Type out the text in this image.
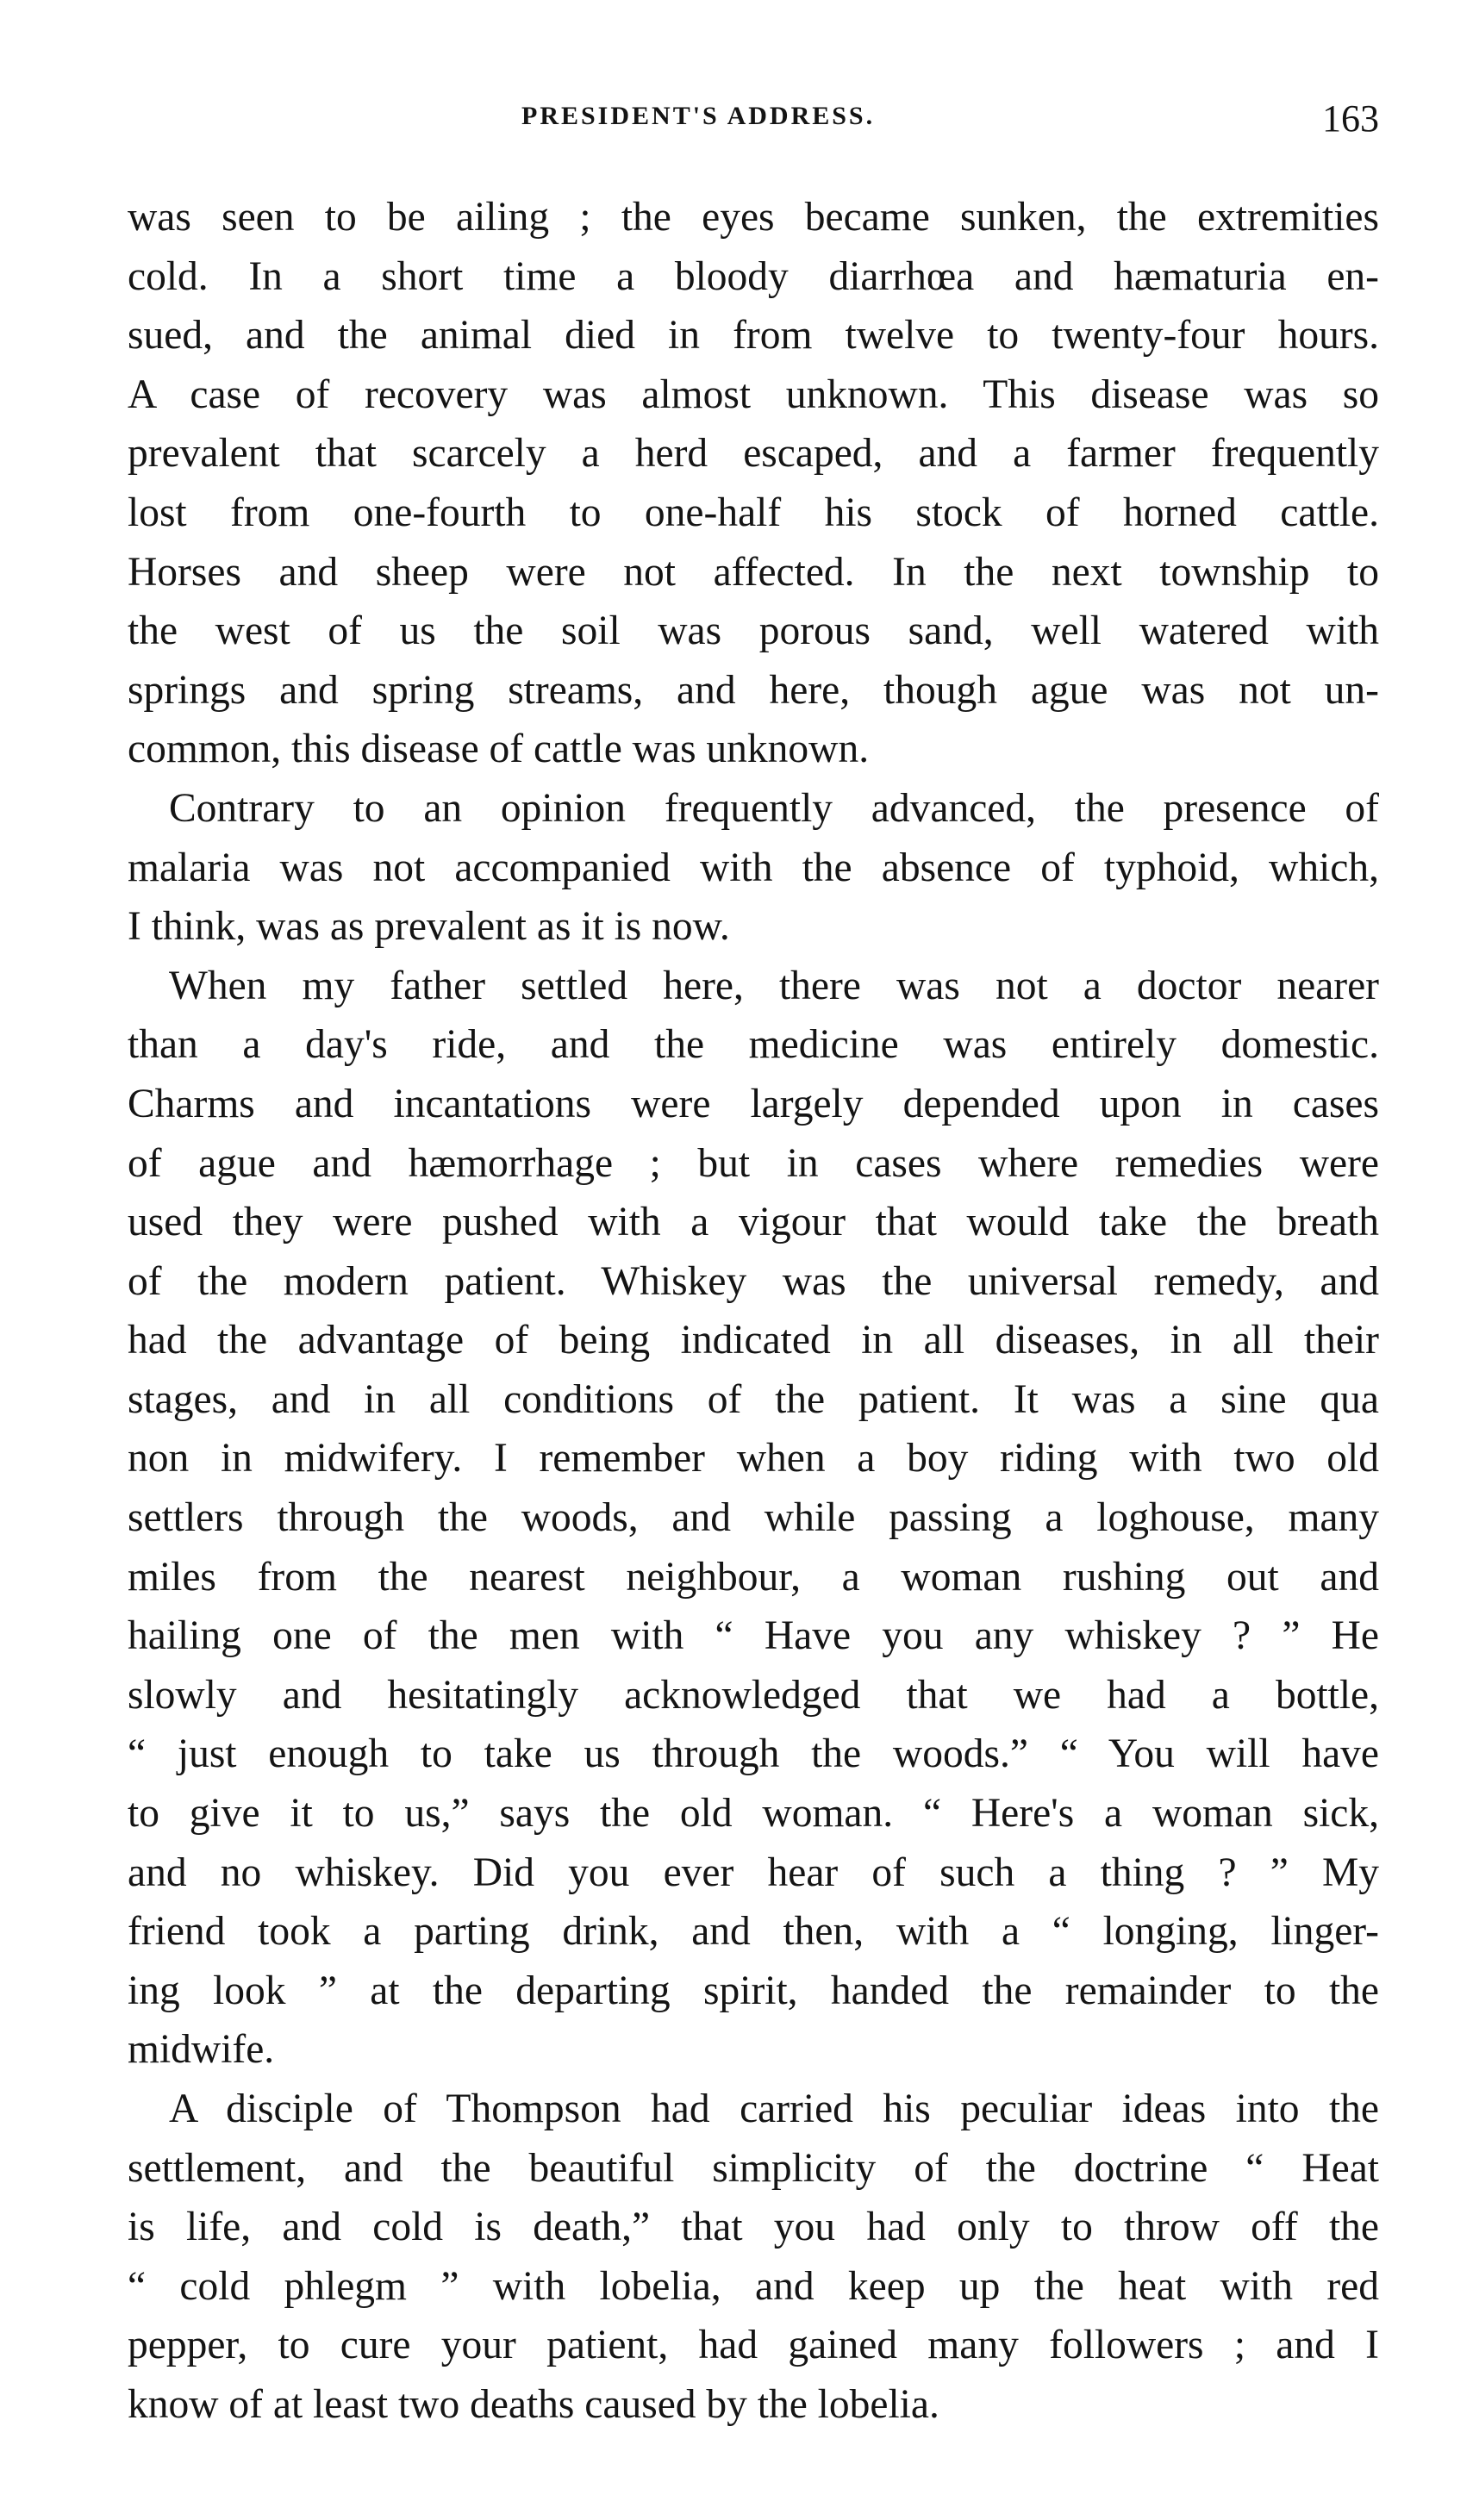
PRESIDENT'S ADDRESS.	163
was seen to be ailing ; the eyes became sunken, the extremities
cold. In a short time a bloody diarrhœa and hæmaturia en-
sued, and the animal died in from twelve to twenty-four hours.
A case of recovery was almost unknown. This disease was so
prevalent that scarcely a herd escaped, and a farmer frequently
lost from one-fourth to one-half his stock of horned cattle.
Horses and sheep were not affected. In the next township to
the west of us the soil was porous sand, well watered with
springs and spring streams, and here, though ague was not un-
common, this disease of cattle was unknown.
Contrary to an opinion frequently advanced, the presence of
malaria was not accompanied with the absence of typhoid, which,
I think, was as prevalent as it is now.
When my father settled here, there was not a doctor nearer
than a day's ride, and the medicine was entirely domestic.
Charms and incantations were largely depended upon in cases
of ague and hæmorrhage ; but in cases where remedies were
used they were pushed with a vigour that would take the breath
of the modern patient. Whiskey was the universal remedy, and
had the advantage of being indicated in all diseases, in all their
stages, and in all conditions of the patient. It was a sine qua
non in midwifery. I remember when a boy riding with two old
settlers through the woods, and while passing a loghouse, many
miles from the nearest neighbour, a woman rushing out and
hailing one of the men with “ Have you any whiskey ? ” He
slowly and hesitatingly acknowledged that we had a bottle,
“ just enough to take us through the woods.” “ You will have
to give it to us,” says the old woman. “ Here's a woman sick,
and no whiskey. Did you ever hear of such a thing ? ” My
friend took a parting drink, and then, with a “ longing, linger-
ing look ” at the departing spirit, handed the remainder to the
midwife.
A disciple of Thompson had carried his peculiar ideas into the
settlement, and the beautiful simplicity of the doctrine “ Heat
is life, and cold is death,” that you had only to throw off the
“ cold phlegm ” with lobelia, and keep up the heat with red
pepper, to cure your patient, had gained many followers ; and I
know of at least two deaths caused by the lobelia.
